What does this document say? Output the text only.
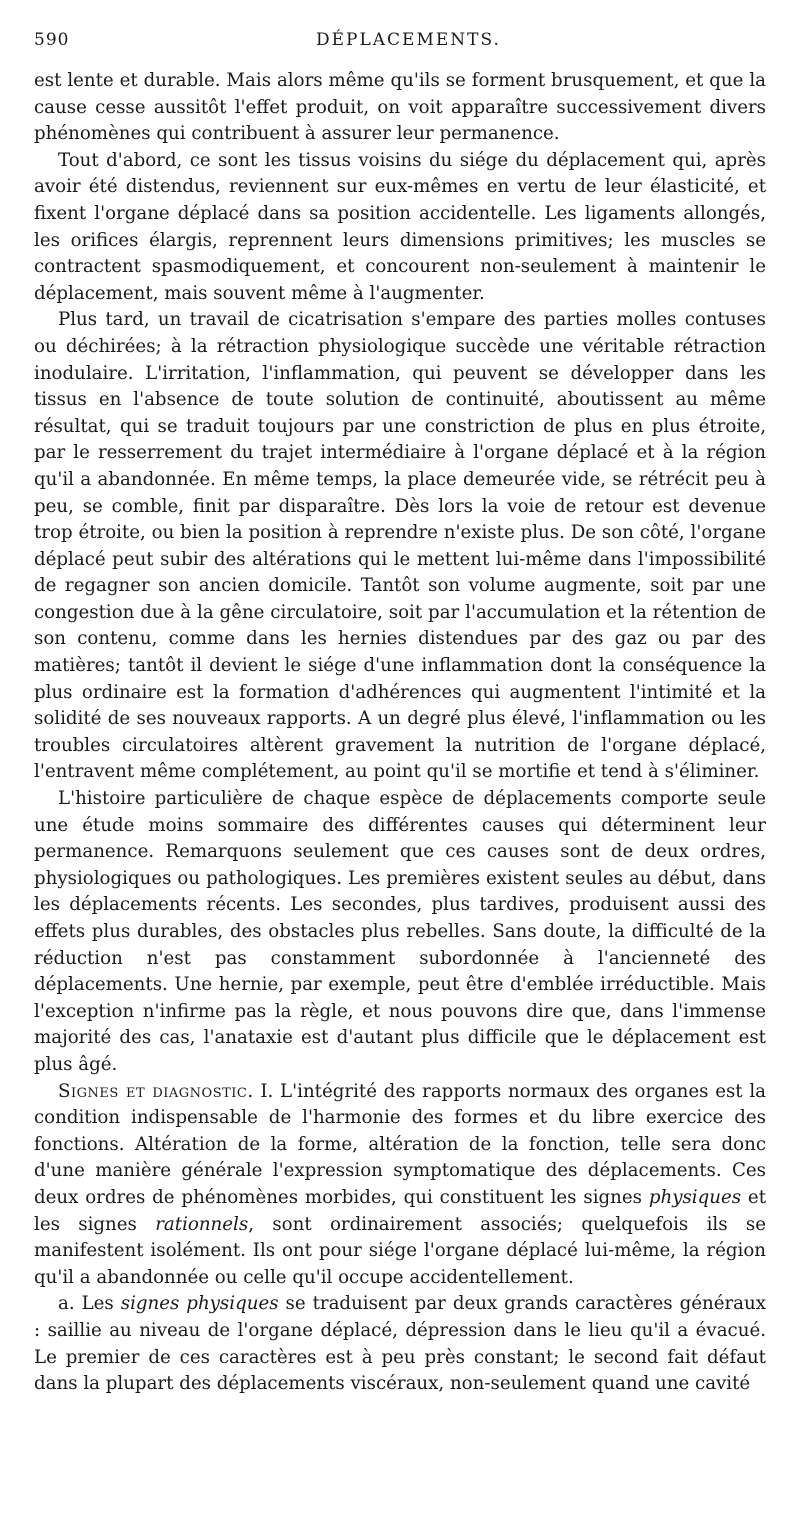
590	DÉPLACEMENTS.

est lente et durable. Mais alors même qu'ils se forment brusquement, et que la cause cesse aussitôt l'effet produit, on voit apparaître successivement divers phénomènes qui contribuent à assurer leur permanence.

Tout d'abord, ce sont les tissus voisins du siége du déplacement qui, après avoir été distendus, reviennent sur eux-mêmes en vertu de leur élasticité, et fixent l'organe déplacé dans sa position accidentelle. Les ligaments allongés, les orifices élargis, reprennent leurs dimensions primitives; les muscles se contractent spasmodiquement, et concourent non-seulement à maintenir le déplacement, mais souvent même à l'augmenter.

Plus tard, un travail de cicatrisation s'empare des parties molles contuses ou déchirées; à la rétraction physiologique succède une véritable rétraction inodulaire. L'irritation, l'inflammation, qui peuvent se développer dans les tissus en l'absence de toute solution de continuité, aboutissent au même résultat, qui se traduit toujours par une constriction de plus en plus étroite, par le resserrement du trajet intermédiaire à l'organe déplacé et à la région qu'il a abandonnée. En même temps, la place demeurée vide, se rétrécit peu à peu, se comble, finit par disparaître. Dès lors la voie de retour est devenue trop étroite, ou bien la position à reprendre n'existe plus. De son côté, l'organe déplacé peut subir des altérations qui le mettent lui-même dans l'impossibilité de regagner son ancien domicile. Tantôt son volume augmente, soit par une congestion due à la gêne circulatoire, soit par l'accumulation et la rétention de son contenu, comme dans les hernies distendues par des gaz ou par des matières; tantôt il devient le siége d'une inflammation dont la conséquence la plus ordinaire est la formation d'adhérences qui augmentent l'intimité et la solidité de ses nouveaux rapports. A un degré plus élevé, l'inflammation ou les troubles circulatoires altèrent gravement la nutrition de l'organe déplacé, l'entravent même complétement, au point qu'il se mortifie et tend à s'éliminer.

L'histoire particulière de chaque espèce de déplacements comporte seule une étude moins sommaire des différentes causes qui déterminent leur permanence. Remarquons seulement que ces causes sont de deux ordres, physiologiques ou pathologiques. Les premières existent seules au début, dans les déplacements récents. Les secondes, plus tardives, produisent aussi des effets plus durables, des obstacles plus rebelles. Sans doute, la difficulté de la réduction n'est pas constamment subordonnée à l'ancienneté des déplacements. Une hernie, par exemple, peut être d'emblée irréductible. Mais l'exception n'infirme pas la règle, et nous pouvons dire que, dans l'immense majorité des cas, l'anataxie est d'autant plus difficile que le déplacement est plus âgé.

Signes et diagnostic. I. L'intégrité des rapports normaux des organes est la condition indispensable de l'harmonie des formes et du libre exercice des fonctions. Altération de la forme, altération de la fonction, telle sera donc d'une manière générale l'expression symptomatique des déplacements. Ces deux ordres de phénomènes morbides, qui constituent les signes physiques et les signes rationnels, sont ordinairement associés; quelquefois ils se manifestent isolément. Ils ont pour siége l'organe déplacé lui-même, la région qu'il a abandonnée ou celle qu'il occupe accidentellement.

a. Les signes physiques se traduisent par deux grands caractères généraux : saillie au niveau de l'organe déplacé, dépression dans le lieu qu'il a évacué. Le premier de ces caractères est à peu près constant; le second fait défaut dans la plupart des déplacements viscéraux, non-seulement quand une cavité
